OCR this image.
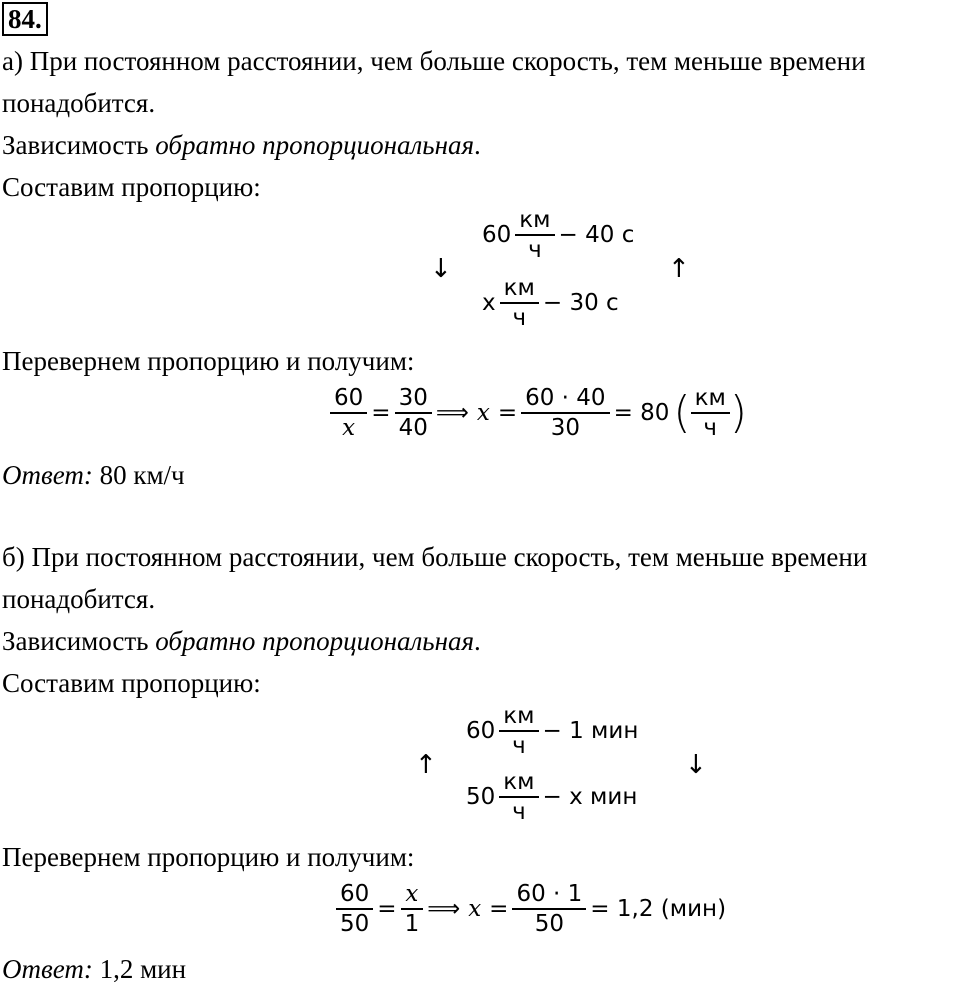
84.
а) При постоянном расстоянии, чем больше скорость, тем меньше времени
понадобится.
Зависимость обратно пропорциональная.
Составим пропорцию:
$60 \frac{км}{ч} - 40$ с
x $\frac{км}{ч} - 30$ с
↓	↑
Перевернем пропорцию и получим:
$\frac{60}{x} = \frac{30}{40}$ ⟹ $x = \frac{60 \cdot 40}{30} = 80$ ( $\frac{км}{ч}$ )
Ответ: 80 км/ч
б) При постоянном расстоянии, чем больше скорость, тем меньше времени
понадобится.
Зависимость обратно пропорциональная.
Составим пропорцию:
$60 \frac{км}{ч} - 1$ мин
$50 \frac{км}{ч} - x$ мин
↑	↓
Перевернем пропорцию и получим:
$\frac{60}{50} = \frac{x}{1}$ ⟹ $x = \frac{60 \cdot 1}{50} = 1,2$ (мин)
Ответ: 1,2 мин
